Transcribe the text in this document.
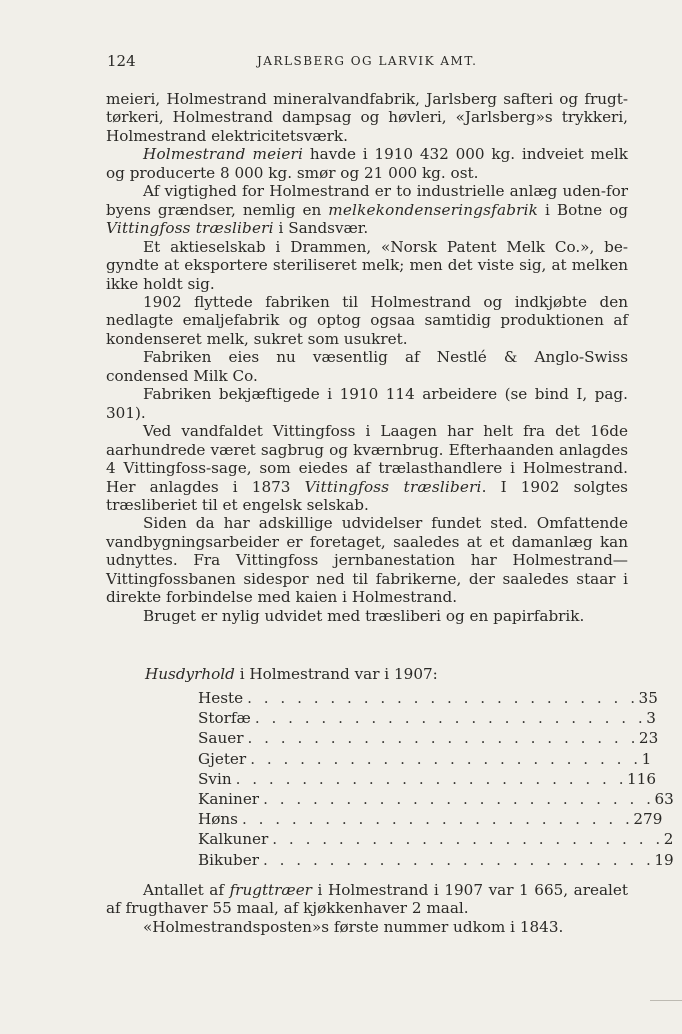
124	JARLSBERG OG LARVIK AMT.

meieri, Holmestrand mineralvandfabrik, Jarlsberg safteri og frugt-tørkeri, Holmestrand dampsag og høvleri, «Jarlsberg»s trykkeri, Holmestrand elektricitetsværk.

Holmestrand meieri havde i 1910 432 000 kg. indveiet melk og producerte 8 000 kg. smør og 21 000 kg. ost.

Af vigtighed for Holmestrand er to industrielle anlæg uden-for byens grændser, nemlig en melkekondenseringsfabrik i Botne og Vittingfoss træsliberi i Sandsvær.

Et aktieselskab i Drammen, «Norsk Patent Melk Co.», be-gyndte at eksportere steriliseret melk; men det viste sig, at melken ikke holdt sig.

1902 flyttede fabriken til Holmestrand og indkjøbte den nedlagte emaljefabrik og optog ogsaa samtidig produktionen af kondenseret melk, sukret som usukret.

Fabriken eies nu væsentlig af Nestlé & Anglo-Swiss condensed Milk Co.

Fabriken bekjæftigede i 1910 114 arbeidere (se bind I, pag. 301).

Ved vandfaldet Vittingfoss i Laagen har helt fra det 16de aarhundrede været sagbrug og kværnbrug. Efterhaanden anlagdes 4 Vittingfoss-sage, som eiedes af trælasthandlere i Holmestrand. Her anlagdes i 1873 Vittingfoss træsliberi. I 1902 solgtes træsliberiet til et engelsk selskab.

Siden da har adskillige udvidelser fundet sted. Omfattende vandbygningsarbeider er foretaget, saaledes at et damanlæg kan udnyttes. Fra Vittingfoss jernbanestation har Holmestrand—Vittingfossbanen sidespor ned til fabrikerne, der saaledes staar i direkte forbindelse med kaien i Holmestrand.

Bruget er nylig udvidet med træsliberi og en papirfabrik.

Husdyrhold i Holmestrand var i 1907:
Heste . . . . . . . . . . . . . . . . . . . . . . . . 35
Storfæ . . . . . . . . . . . . . . . . . . . . . . . . 3
Sauer . . . . . . . . . . . . . . . . . . . . . . . . 23
Gjeter . . . . . . . . . . . . . . . . . . . . . . . . 1
Svin . . . . . . . . . . . . . . . . . . . . . . . . 116
Kaniner . . . . . . . . . . . . . . . . . . . . . . . . 63
Høns . . . . . . . . . . . . . . . . . . . . . . . . 279
Kalkuner . . . . . . . . . . . . . . . . . . . . . . . . 2
Bikuber . . . . . . . . . . . . . . . . . . . . . . . . 19

Antallet af frugttræer i Holmestrand i 1907 var 1 665, arealet af frugthaver 55 maal, af kjøkkenhaver 2 maal.

«Holmestrandsposten»s første nummer udkom i 1843.
